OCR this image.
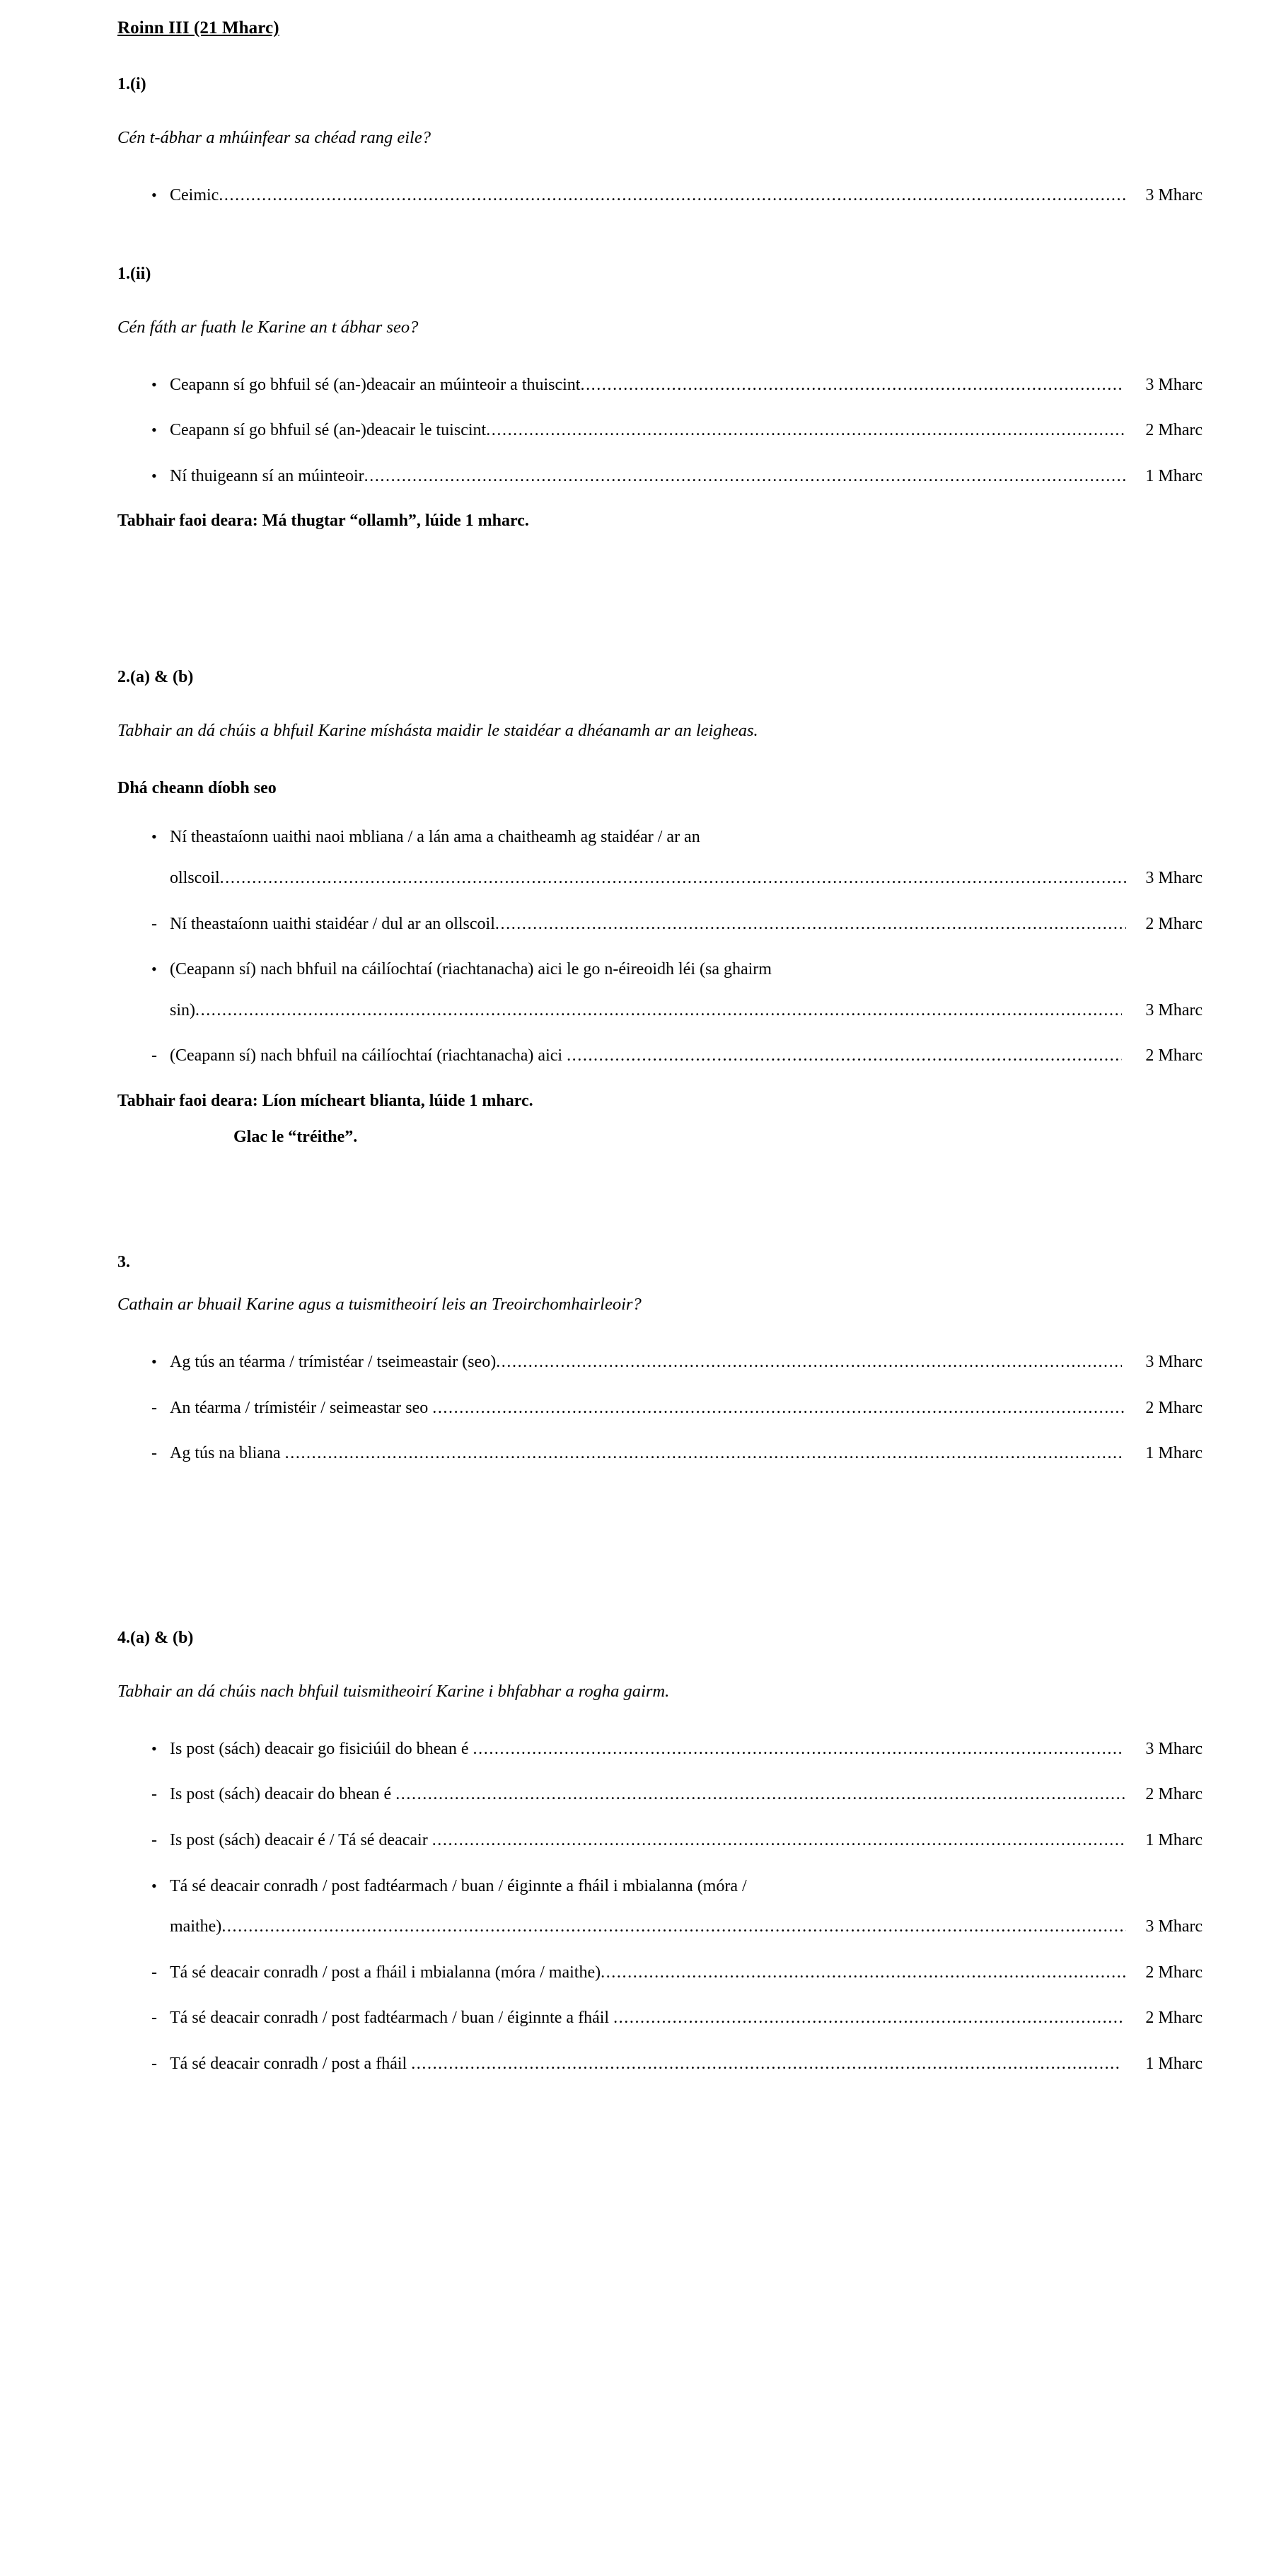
Roinn III (21 Mharc)
1.(i)
Cén t-ábhar a mhúinfear sa chéad rang eile?
•
Ceimic .....	3 Mharc
1.(ii)
Cén fáth ar fuath le Karine an t ábhar seo?
•
Ceapann sí go bhfuil sé (an-)deacair an múinteoir a thuiscint .....	3 Mharc
•
Ceapann sí go bhfuil sé (an-)deacair le tuiscint .....	2 Mharc
•
Ní thuigeann sí an múinteoir .....	1 Mharc
Tabhair faoi deara: Má thugtar “ollamh”, lúide 1 mharc.
2.(a) & (b)
Tabhair an dá chúis a bhfuil Karine míshásta maidir le staidéar a dhéanamh ar an leigheas.
Dhá cheann díobh seo
•
Ní theastaíonn uaithi naoi mbliana / a lán ama a chaitheamh ag staidéar / ar an
ollscoil .....	3 Mharc
-
Ní theastaíonn uaithi staidéar / dul ar an ollscoil .....	2 Mharc
•
(Ceapann sí) nach bhfuil na cáilíochtaí (riachtanacha) aici le go n-éireoidh léi (sa ghairm
sin) .....	3 Mharc
-
(Ceapann sí) nach bhfuil na cáilíochtaí (riachtanacha) aici .....	2 Mharc
Tabhair faoi deara: Líon mícheart blianta, lúide 1 mharc.
Glac le “tréithe”.
3.
Cathain ar bhuail Karine agus a tuismitheoirí leis an Treoirchomhairleoir?
•
Ag tús an téarma / trímistéar / tseimeastair (seo) .....	3 Mharc
-
An téarma / trímistéir / seimeastar seo .....	2 Mharc
-
Ag tús na bliana .....	1 Mharc
4.(a) & (b)
Tabhair an dá chúis nach bhfuil tuismitheoirí Karine i bhfabhar a rogha gairm.
•
Is post (sách) deacair go fisiciúil do bhean é .....	3 Mharc
-
Is post (sách) deacair do bhean é .....	2 Mharc
-
Is post (sách) deacair é / Tá sé deacair .....	1 Mharc
•
Tá sé deacair conradh / post fadtéarmach / buan / éiginnte a fháil i mbialanna (móra /
maithe) .....	3 Mharc
-
Tá sé deacair conradh / post a fháil i mbialanna (móra / maithe) .....	2 Mharc
-
Tá sé deacair conradh / post fadtéarmach / buan / éiginnte a fháil .....	2 Mharc
-
Tá sé deacair conradh / post a fháil .....	1 Mharc
